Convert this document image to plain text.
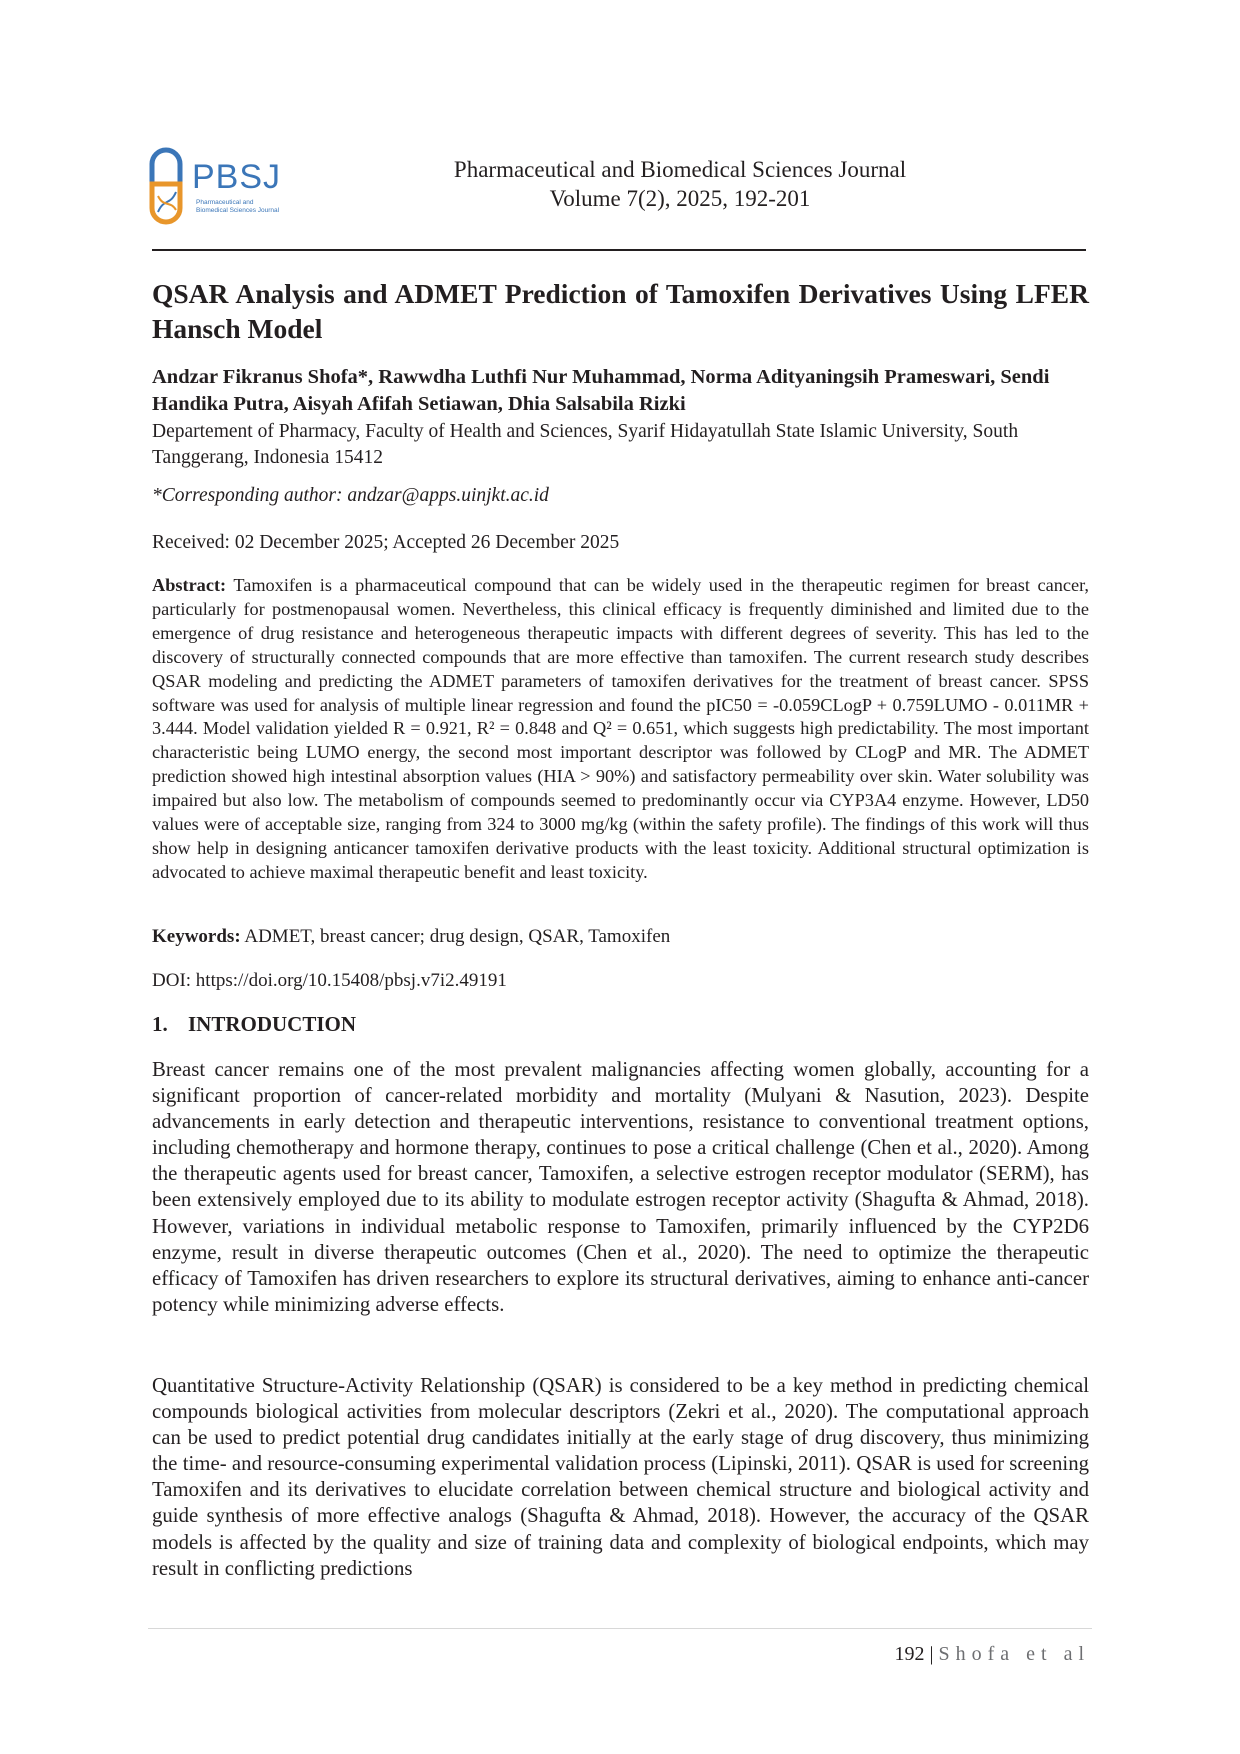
PBSJ
Pharmaceutical and
Biomedical Sciences Journal
Pharmaceutical and Biomedical Sciences Journal
Volume 7(2), 2025, 192-201
QSAR Analysis and ADMET Prediction of Tamoxifen Derivatives Using LFER Hansch Model
Andzar Fikranus Shofa*, Rawwdha Luthfi Nur Muhammad, Norma Adityaningsih Prameswari, Sendi Handika Putra, Aisyah Afifah Setiawan, Dhia Salsabila Rizki
Departement of Pharmacy, Faculty of Health and Sciences, Syarif Hidayatullah State Islamic University, South Tanggerang, Indonesia 15412
*Corresponding author: andzar@apps.uinjkt.ac.id
Received: 02 December 2025; Accepted 26 December 2025
Abstract: Tamoxifen is a pharmaceutical compound that can be widely used in the therapeutic regimen for breast cancer, particularly for postmenopausal women. Nevertheless, this clinical efficacy is frequently diminished and limited due to the emergence of drug resistance and heterogeneous therapeutic impacts with different degrees of severity. This has led to the discovery of structurally connected compounds that are more effective than tamoxifen. The current research study describes QSAR modeling and predicting the ADMET parameters of tamoxifen derivatives for the treatment of breast cancer. SPSS software was used for analysis of multiple linear regression and found the pIC50 = -0.059CLogP + 0.759LUMO - 0.011MR + 3.444. Model validation yielded R = 0.921, R² = 0.848 and Q² = 0.651, which suggests high predictability. The most important characteristic being LUMO energy, the second most important descriptor was followed by CLogP and MR. The ADMET prediction showed high intestinal absorption values (HIA > 90%) and satisfactory permeability over skin. Water solubility was impaired but also low. The metabolism of compounds seemed to predominantly occur via CYP3A4 enzyme. However, LD50 values were of acceptable size, ranging from 324 to 3000 mg/kg (within the safety profile). The findings of this work will thus show help in designing anticancer tamoxifen derivative products with the least toxicity. Additional structural optimization is advocated to achieve maximal therapeutic benefit and least toxicity.
Keywords: ADMET, breast cancer; drug design, QSAR, Tamoxifen
DOI: https://doi.org/10.15408/pbsj.v7i2.49191
1. INTRODUCTION
Breast cancer remains one of the most prevalent malignancies affecting women globally, accounting for a significant proportion of cancer-related morbidity and mortality (Mulyani & Nasution, 2023). Despite advancements in early detection and therapeutic interventions, resistance to conventional treatment options, including chemotherapy and hormone therapy, continues to pose a critical challenge (Chen et al., 2020). Among the therapeutic agents used for breast cancer, Tamoxifen, a selective estrogen receptor modulator (SERM), has been extensively employed due to its ability to modulate estrogen receptor activity (Shagufta & Ahmad, 2018). However, variations in individual metabolic response to Tamoxifen, primarily influenced by the CYP2D6 enzyme, result in diverse therapeutic outcomes (Chen et al., 2020). The need to optimize the therapeutic efficacy of Tamoxifen has driven researchers to explore its structural derivatives, aiming to enhance anti-cancer potency while minimizing adverse effects.
Quantitative Structure-Activity Relationship (QSAR) is considered to be a key method in predicting chemical compounds biological activities from molecular descriptors (Zekri et al., 2020). The computational approach can be used to predict potential drug candidates initially at the early stage of drug discovery, thus minimizing the time- and resource-consuming experimental validation process (Lipinski, 2011). QSAR is used for screening Tamoxifen and its derivatives to elucidate correlation between chemical structure and biological activity and guide synthesis of more effective analogs (Shagufta & Ahmad, 2018). However, the accuracy of the QSAR models is affected by the quality and size of training data and complexity of biological endpoints, which may result in conflicting predictions
192 | Shofa et al
